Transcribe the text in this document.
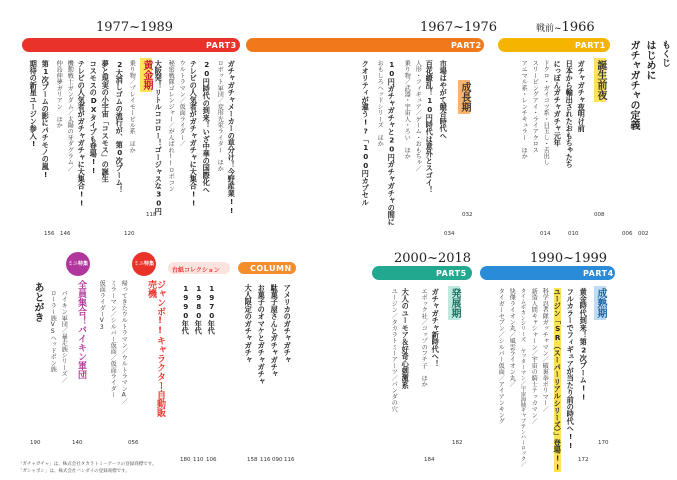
もくじ
はじめに
ガチャガチャの定義
002
006
戦前~1966
PART1
誕生前夜
ガチャガチャ夜明け前
日本から輸出されたおもちゃたち
にっぽんガチャガチャ元年
ドクロ・ガイコツ系・目玉し・舌出し
スリーピングアイ・ライアクロス
アニマル系・レンチキュラー　ほか
008
010
014
1967~1976
PART2
成長期
市場はやがて競合時代へ
百花繚乱！10円時代は意外とスゴイ！
人形・フィギュア／ゲーム・おもちゃ／
乗り物／武器・宇宙人・ろい　ほか
10円ガチャガチャと20円ガチャガチャの間に
おもしろヘッドシリーズ　ほか
クオリティが違う!?「100円カプセル
032
034
1977~1989
PART3
黄金期	ガチャガチャメーカーの草分け！今野産業!!
ロボット軍団／変形光栄ライター　ほか
20円時代の到来！いざ中華の国際化へ
テレビの人気者がガチャガチャに大集合!!
ウルトラマン／仮面ライダー／
秘密戦隊ゴレンジャー／がんばれ!!ロボコン
大阪発！リトルココロー！ゴージャスな30円
乗り物／プレイモービル系　ほか
2大消しゴムの流行が、第0次ブーム！
夢と現実の小宇宙「コスモス」の誕生
コスモスのDXタイプも登場!!
テレビの人気者がガチャガチャに大集合!!
機動戦士ガンダム／太陽の牙ダグラム／
仲島伸夢ガリアン　ほか
第1次ブームの影にパチモノの嵐!
期待の新星ユージン参入!
118
120
146
156
2000~2018
PART5
発展期
ガチャガチャ新時代へ！
エポック社／コップのフチ子　ほか
大人のユーモア＆好奇心刺激系
ユージン／タカラトミーアーツ／パンダの穴
182
184
1990~1999
PART4
成熟期
黄金時代到来！第2次ブーム!!
フルカラーでフィギュアが当たり前の時代へ!!
ユージン「SR（スーパーリアルシリーズ）」登場!!
科学忍者隊ガッチャマン／破裏拳ポリマー／
新造人間キャシャーン／宇宙の騎士テッカマン／
タイムボカンシリーズ ヤッターマン／宇宙海賊キャプテンハーロック／
快傑ライオン丸／風雲ライオン丸／
タイガーセブン／シルバー仮面／アイアンキング
170
172
COLUMN
アメリカのガチャガチャ
駄菓子屋さんとガチャガチャ
お菓子のオマケとガチャガチャ
大人限定のガチャガチャ
116
090
116
158
台紙コレクション
1970年代
1980年代
1990年代
106
110
180
ミニ特集
ジャンボ!!キャラクター自動販売機
帰ってきたウルトラマン／ウルトラマンA／
ミラーマン／シルバー仮面／仮面ライダー
仮面ライダーV3
056
ミニ特集
全員集合！バイキン軍団
バイキン軍団／暴走族シリーズ／
ローラー族VSヘッドポン族
140
あとがき
190
「ガチャガチャ」は、株式会社タカラトミーアーツの登録商標です。
「ガシャポン」は、株式会社バンダイの登録商標です。
